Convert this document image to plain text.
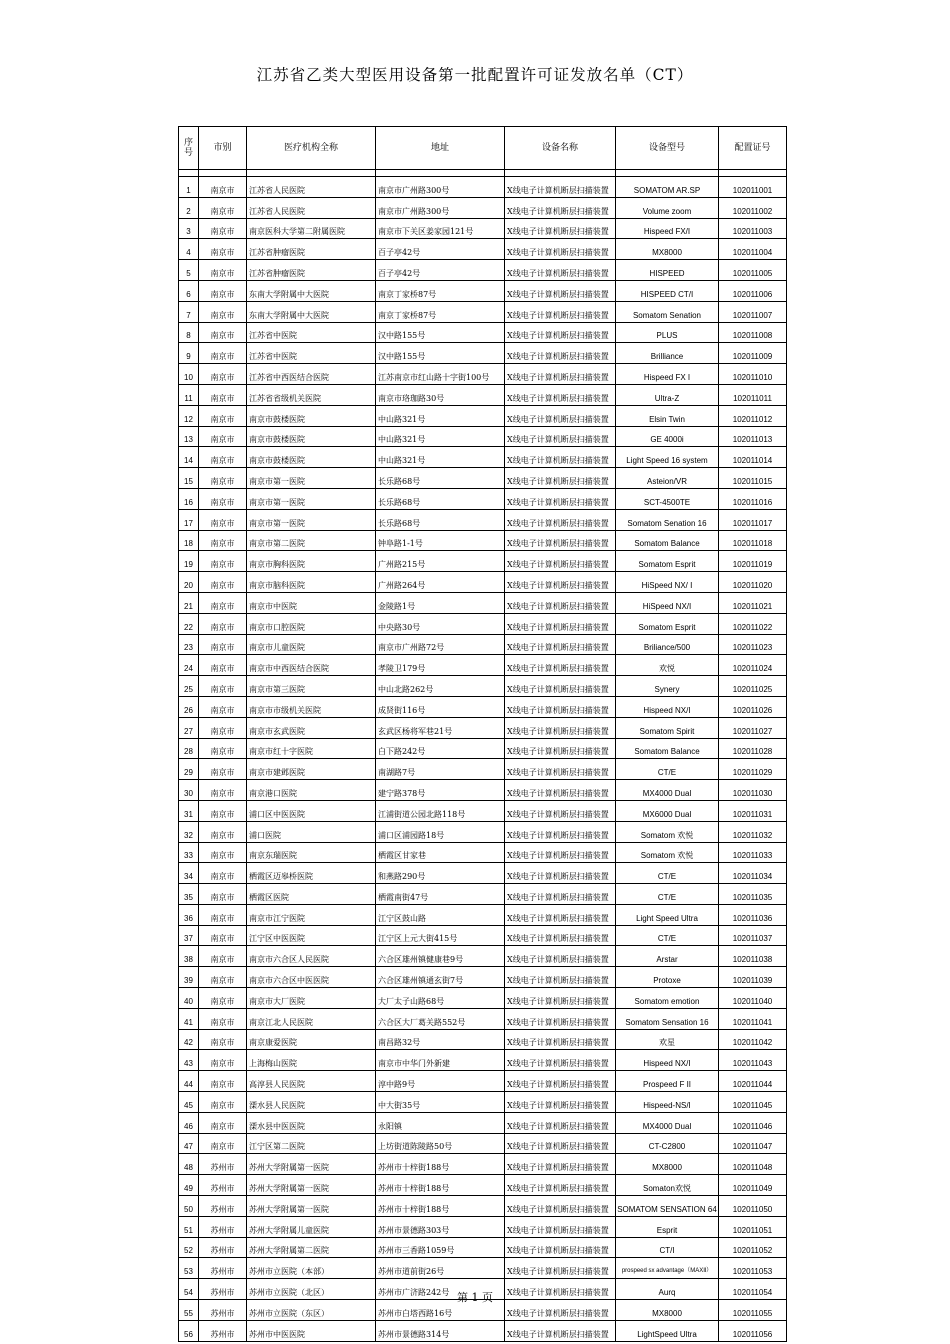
江苏省乙类大型医用设备第一批配置许可证发放名单（CT）
序号	市别	医疗机构全称	地址	设备名称	设备型号	配置证号

1	南京市	江苏省人民医院	南京市广州路300号	X线电子计算机断层扫描装置	SOMATOM AR.SP	102011001
2	南京市	江苏省人民医院	南京市广州路300号	X线电子计算机断层扫描装置	Volume zoom	102011002
3	南京市	南京医科大学第二附属医院	南京市下关区姜家园121号	X线电子计算机断层扫描装置	Hispeed FX/I	102011003
4	南京市	江苏省肿瘤医院	百子亭42号	X线电子计算机断层扫描装置	MX8000	102011004
5	南京市	江苏省肿瘤医院	百子亭42号	X线电子计算机断层扫描装置	HISPEED	102011005
6	南京市	东南大学附属中大医院	南京丁家桥87号	X线电子计算机断层扫描装置	HISPEED CT/I	102011006
7	南京市	东南大学附属中大医院	南京丁家桥87号	X线电子计算机断层扫描装置	Somatom Senation	102011007
8	南京市	江苏省中医院	汉中路155号	X线电子计算机断层扫描装置	PLUS	102011008
9	南京市	江苏省中医院	汉中路155号	X线电子计算机断层扫描装置	Brilliance	102011009
10	南京市	江苏省中西医结合医院	江苏南京市红山路十字街100号	X线电子计算机断层扫描装置	Hispeed FX I	102011010
11	南京市	江苏省省级机关医院	南京市珞珈路30号	X线电子计算机断层扫描装置	Ultra-Z	102011011
12	南京市	南京市鼓楼医院	中山路321号	X线电子计算机断层扫描装置	Elsin Twin	102011012
13	南京市	南京市鼓楼医院	中山路321号	X线电子计算机断层扫描装置	GE 4000i	102011013
14	南京市	南京市鼓楼医院	中山路321号	X线电子计算机断层扫描装置	Light Speed 16 system	102011014
15	南京市	南京市第一医院	长乐路68号	X线电子计算机断层扫描装置	Asteion/VR	102011015
16	南京市	南京市第一医院	长乐路68号	X线电子计算机断层扫描装置	SCT-4500TE	102011016
17	南京市	南京市第一医院	长乐路68号	X线电子计算机断层扫描装置	Somatom Senation 16	102011017
18	南京市	南京市第二医院	钟阜路1-1号	X线电子计算机断层扫描装置	Somatom Balance	102011018
19	南京市	南京市胸科医院	广州路215号	X线电子计算机断层扫描装置	Somatom Esprit	102011019
20	南京市	南京市脑科医院	广州路264号	X线电子计算机断层扫描装置	HiSpeed NX/ I	102011020
21	南京市	南京市中医院	金陵路1号	X线电子计算机断层扫描装置	HiSpeed NX/I	102011021
22	南京市	南京市口腔医院	中央路30号	X线电子计算机断层扫描装置	Somatom Esprit	102011022
23	南京市	南京市儿童医院	南京市广州路72号	X线电子计算机断层扫描装置	Briliance/500	102011023
24	南京市	南京市中西医结合医院	孝陵卫179号	X线电子计算机断层扫描装置	欢悦	102011024
25	南京市	南京市第三医院	中山北路262号	X线电子计算机断层扫描装置	Synery	102011025
26	南京市	南京市市级机关医院	成贤街116号	X线电子计算机断层扫描装置	Hispeed NX/I	102011026
27	南京市	南京市玄武医院	玄武区杨将军巷21号	X线电子计算机断层扫描装置	Somatom Spirit	102011027
28	南京市	南京市红十字医院	白下路242号	X线电子计算机断层扫描装置	Somatom Balance	102011028
29	南京市	南京市建邺医院	南湖路7号	X线电子计算机断层扫描装置	CT/E	102011029
30	南京市	南京港口医院	建宁路378号	X线电子计算机断层扫描装置	MX4000 Dual	102011030
31	南京市	浦口区中医医院	江浦街道公园北路118号	X线电子计算机断层扫描装置	MX6000 Dual	102011031
32	南京市	浦口医院	浦口区浦园路18号	X线电子计算机断层扫描装置	Somatom 欢悦	102011032
33	南京市	南京东瑞医院	栖霞区甘家巷	X线电子计算机断层扫描装置	Somatom 欢悦	102011033
34	南京市	栖霞区迈皋桥医院	和燕路290号	X线电子计算机断层扫描装置	CT/E	102011034
35	南京市	栖霞区医院	栖霞南街47号	X线电子计算机断层扫描装置	CT/E	102011035
36	南京市	南京市江宁医院	江宁区鼓山路	X线电子计算机断层扫描装置	Light Speed Ultra	102011036
37	南京市	江宁区中医医院	江宁区上元大街415号	X线电子计算机断层扫描装置	CT/E	102011037
38	南京市	南京市六合区人民医院	六合区雄州镇健康巷9号	X线电子计算机断层扫描装置	Arstar	102011038
39	南京市	南京市六合区中医医院	六合区雄州镇通玄街7号	X线电子计算机断层扫描装置	Protoxe	102011039
40	南京市	南京市大厂医院	大厂太子山路68号	X线电子计算机断层扫描装置	Somatom emotion	102011040
41	南京市	南京江北人民医院	六合区大厂葛关路552号	X线电子计算机断层扫描装置	Somatom Sensation 16	102011041
42	南京市	南京康爱医院	南昌路32号	X线电子计算机断层扫描装置	欢星	102011042
43	南京市	上海梅山医院	南京市中华门外新建	X线电子计算机断层扫描装置	Hispeed NX/I	102011043
44	南京市	高淳县人民医院	淳中路9号	X线电子计算机断层扫描装置	Prospeed F II	102011044
45	南京市	溧水县人民医院	中大街35号	X线电子计算机断层扫描装置	Hispeed-NS/I	102011045
46	南京市	溧水县中医医院	永阳镇	X线电子计算机断层扫描装置	MX4000 Dual	102011046
47	南京市	江宁区第二医院	上坊街道陈陵路50号	X线电子计算机断层扫描装置	CT-C2800	102011047
48	苏州市	苏州大学附属第一医院	苏州市十梓街188号	X线电子计算机断层扫描装置	MX8000	102011048
49	苏州市	苏州大学附属第一医院	苏州市十梓街188号	X线电子计算机断层扫描装置	Somaton欢悦	102011049
50	苏州市	苏州大学附属第一医院	苏州市十梓街188号	X线电子计算机断层扫描装置	SOMATOM SENSATION 64	102011050
51	苏州市	苏州大学附属儿童医院	苏州市景德路303号	X线电子计算机断层扫描装置	Esprit	102011051
52	苏州市	苏州大学附属第二医院	苏州市三香路1059号	X线电子计算机断层扫描装置	CT/I	102011052
53	苏州市	苏州市立医院（本部）	苏州市道前街26号	X线电子计算机断层扫描装置	prospeed sx advantage（MAXⅡ）	102011053
54	苏州市	苏州市立医院（北区）	苏州市广济路242号	X线电子计算机断层扫描装置	Aurq	102011054
55	苏州市	苏州市立医院（东区）	苏州市白塔西路16号	X线电子计算机断层扫描装置	MX8000	102011055
56	苏州市	苏州市中医医院	苏州市景德路314号	X线电子计算机断层扫描装置	LightSpeed Ultra	102011056
第 1 页
